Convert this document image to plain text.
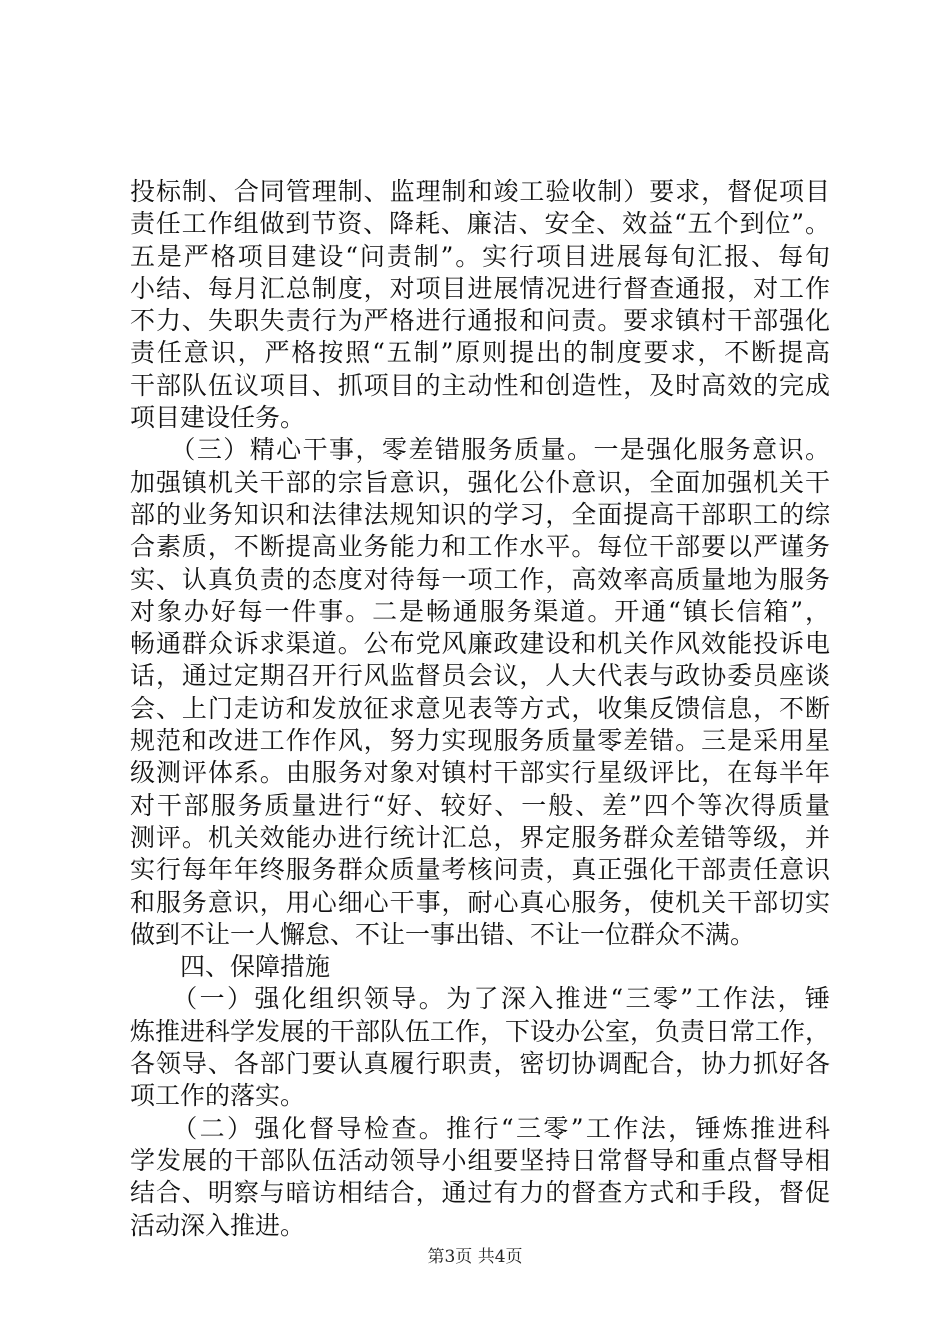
投标制、合同管理制、监理制和竣工验收制）要求，督促项目
责任工作组做到节资、降耗、廉洁、安全、效益“五个到位”。
五是严格项目建设“问责制”。实行项目进展每旬汇报、每旬
小结、每月汇总制度，对项目进展情况进行督查通报，对工作
不力、失职失责行为严格进行通报和问责。要求镇村干部强化
责任意识，严格按照“五制”原则提出的制度要求，不断提高
干部队伍议项目、抓项目的主动性和创造性，及时高效的完成
项目建设任务。
　　（三）精心干事，零差错服务质量。一是强化服务意识。
加强镇机关干部的宗旨意识，强化公仆意识，全面加强机关干
部的业务知识和法律法规知识的学习，全面提高干部职工的综
合素质，不断提高业务能力和工作水平。每位干部要以严谨务
实、认真负责的态度对待每一项工作，高效率高质量地为服务
对象办好每一件事。二是畅通服务渠道。开通“镇长信箱”，
畅通群众诉求渠道。公布党风廉政建设和机关作风效能投诉电
话，通过定期召开行风监督员会议，人大代表与政协委员座谈
会、上门走访和发放征求意见表等方式，收集反馈信息，不断
规范和改进工作作风，努力实现服务质量零差错。三是采用星
级测评体系。由服务对象对镇村干部实行星级评比，在每半年
对干部服务质量进行“好、较好、一般、差”四个等次得质量
测评。机关效能办进行统计汇总，界定服务群众差错等级，并
实行每年年终服务群众质量考核问责，真正强化干部责任意识
和服务意识，用心细心干事，耐心真心服务，使机关干部切实
做到不让一人懈怠、不让一事出错、不让一位群众不满。
　　四、保障措施
　　（一）强化组织领导。为了深入推进“三零”工作法，锤
炼推进科学发展的干部队伍工作，下设办公室，负责日常工作，
各领导、各部门要认真履行职责，密切协调配合，协力抓好各
项工作的落实。
　　（二）强化督导检查。推行“三零”工作法，锤炼推进科
学发展的干部队伍活动领导小组要坚持日常督导和重点督导相
结合、明察与暗访相结合，通过有力的督查方式和手段，督促
活动深入推进。
第3页 共4页
